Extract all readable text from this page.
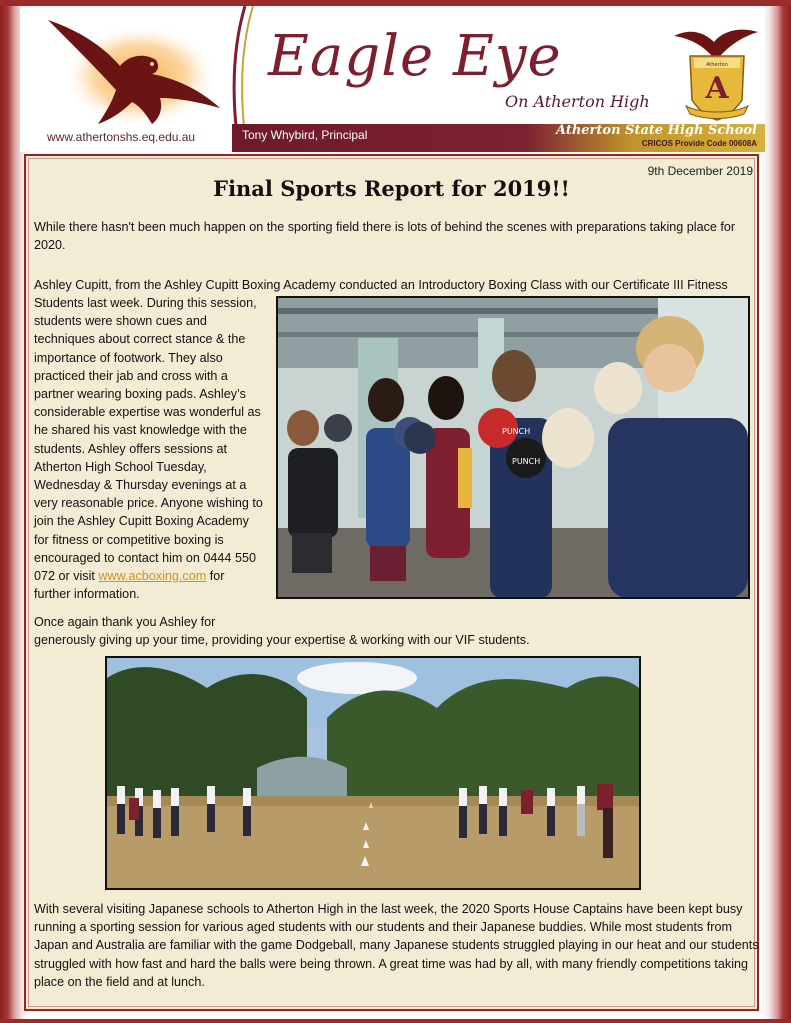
www.athertonshs.eq.edu.au
Eagle Eye
On Atherton High
Atherton
A
Tony Whybird, Principal	Atherton State High School
CRICOS Provide Code 00608A
9th December 2019
Final Sports Report for 2019!!

While there hasn't been much happen on the sporting field there is lots of behind the scenes with preparations taking place for 2020.

Ashley Cupitt, from the Ashley Cupitt Boxing Academy conducted an Introductory Boxing Class with our Certificate III Fitness

Students last week. During this session,
students were shown cues and
techniques about correct stance & the
importance of footwork. They also
practiced their jab and cross with a
partner wearing boxing pads. Ashley’s
considerable expertise was wonderful as
he shared his vast knowledge with the
students. Ashley offers sessions at
Atherton High School Tuesday,
Wednesday & Thursday evenings at a
very reasonable price. Anyone wishing to
join the Ashley Cupitt Boxing Academy
for fitness or competitive boxing is
encouraged to contact him on 0444 550
072 or visit www.acboxing.com for
further information.
Once again thank you Ashley for
generously giving up your time, providing your expertise & working with our VIF students.
PUNCH
PUNCH

With several visiting Japanese schools to Atherton High in the last week, the 2020 Sports House Captains have been kept busy running a sporting session for various aged students with our students and their Japanese buddies. While most students from Japan and Australia are familiar with the game Dodgeball, many Japanese students struggled playing in our heat and our students struggled with how fast and hard the balls were being thrown. A great time was had by all, with many friendly competitions taking place on the field and at lunch.
